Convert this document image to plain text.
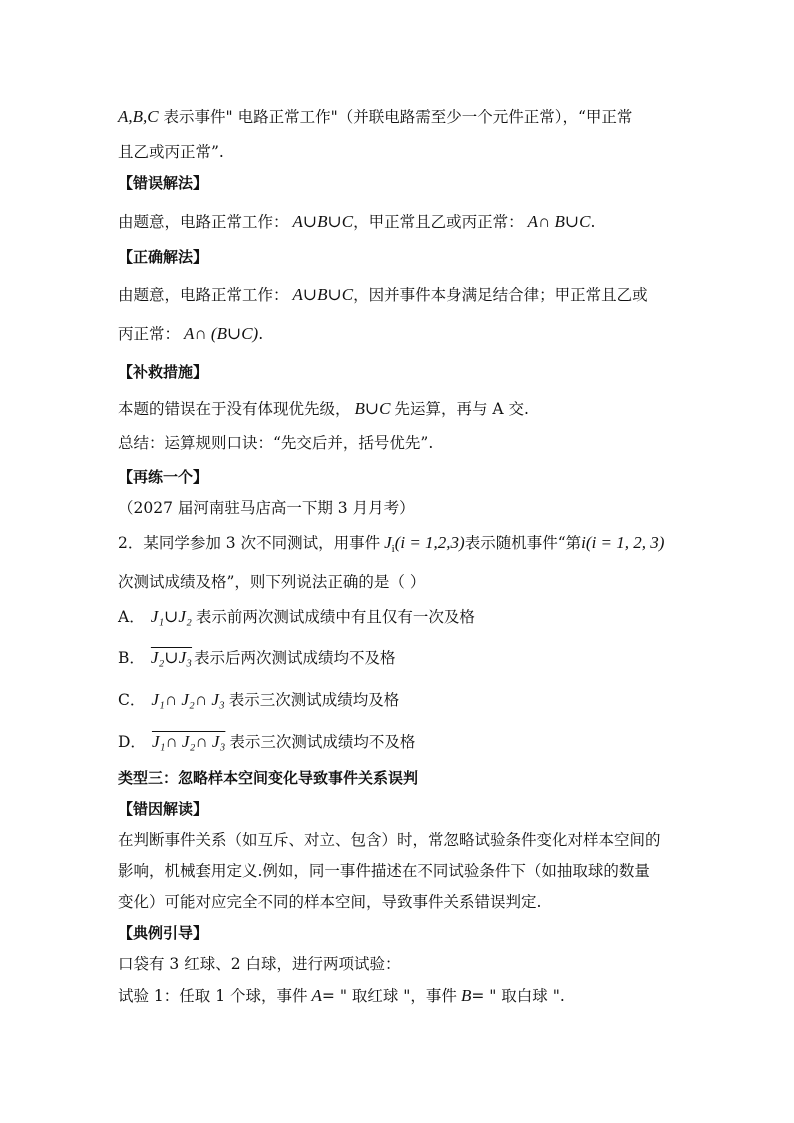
A,B,C 表示事件" 电路正常工作"（并联电路需至少一个元件正常），“甲正常
且乙或丙正常”.
【错误解法】
由题意，电路正常工作： A∪B∪C，甲正常且乙或丙正常： A∩ B∪C.
【正确解法】
由题意，电路正常工作： A∪B∪C，因并事件本身满足结合律；甲正常且乙或
丙正常： A∩ (B∪C).
【补救措施】
本题的错误在于没有体现优先级， B∪C 先运算，再与 A 交.
总结：运算规则口诀：“先交后并，括号优先”.
【再练一个】
（2027 届河南驻马店高一下期 3 月月考）
2．某同学参加 3 次不同测试，用事件 $J_i(i = 1,2,3)$表示随机事件“第i(i = 1, 2, 3)
次测试成绩及格”，则下列说法正确的是（ ）
A． J₁∪J₂ 表示前两次测试成绩中有且仅有一次及格
B． J₂∪J₃ 表示后两次测试成绩均不及格
C． J₁∩ J₂∩ J₃ 表示三次测试成绩均及格
D． J₁∩ J₂∩ J₃ 表示三次测试成绩均不及格
类型三：忽略样本空间变化导致事件关系误判
【错因解读】
在判断事件关系（如互斥、对立、包含）时，常忽略试验条件变化对样本空间的
影响，机械套用定义.例如，同一事件描述在不同试验条件下（如抽取球的数量
变化）可能对应完全不同的样本空间，导致事件关系错误判定.
【典例引导】
口袋有 3 红球、2 白球，进行两项试验：
试验 1：任取 1 个球，事件 A= " 取红球 "，事件 B= " 取白球 ".
